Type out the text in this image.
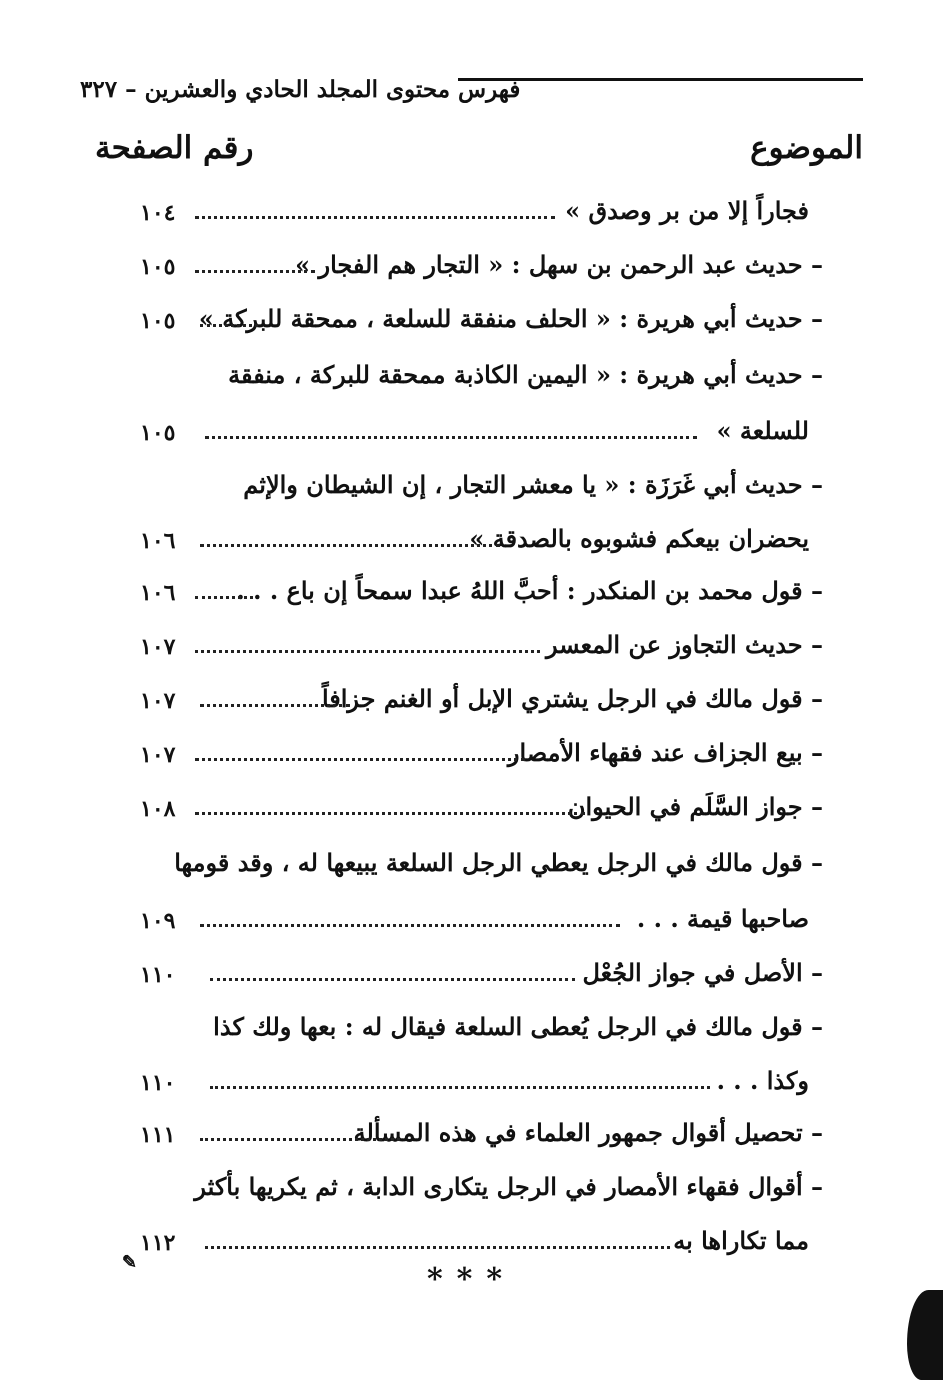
فهرس محتوى المجلد الحادي والعشرين – ٣٢٧
الموضوع
رقم الصفحة
فجاراً إلا من بر وصدق »
١٠٤
– حديث عبد الرحمن بن سهل : « التجار هم الفجار »
١٠٥
– حديث أبي هريرة : « الحلف منفقة للسلعة ، ممحقة للبركة »
١٠٥
– حديث أبي هريرة : « اليمين الكاذبة ممحقة للبركة ، منفقة
للسلعة »
١٠٥
– حديث أبي غَرَزَة : « يا معشر التجار ، إن الشيطان والإثم
يحضران بيعكم فشوبوه بالصدقة »
١٠٦
– قول محمد بن المنكدر : أحبَّ اللهُ عبدا سمحاً إن باع . . .
١٠٦
– حديث التجاوز عن المعسر
١٠٧
– قول مالك في الرجل يشتري الإبل أو الغنم جزافاً
١٠٧
– بيع الجزاف عند فقهاء الأمصار
١٠٧
– جواز السَّلَم في الحيوان
١٠٨
– قول مالك في الرجل يعطي الرجل السلعة يبيعها له ، وقد قومها
صاحبها قيمة . . .
١٠٩
– الأصل في جواز الجُعْل
١١٠
– قول مالك في الرجل يُعطى السلعة فيقال له : بعها ولك كذا
وكذا . . .
١١٠
– تحصيل أقوال جمهور العلماء في هذه المسألة
١١١
– أقوال فقهاء الأمصار في الرجل يتكارى الدابة ، ثم يكريها بأكثر
مما تكاراها به
١١٢
✎	***
